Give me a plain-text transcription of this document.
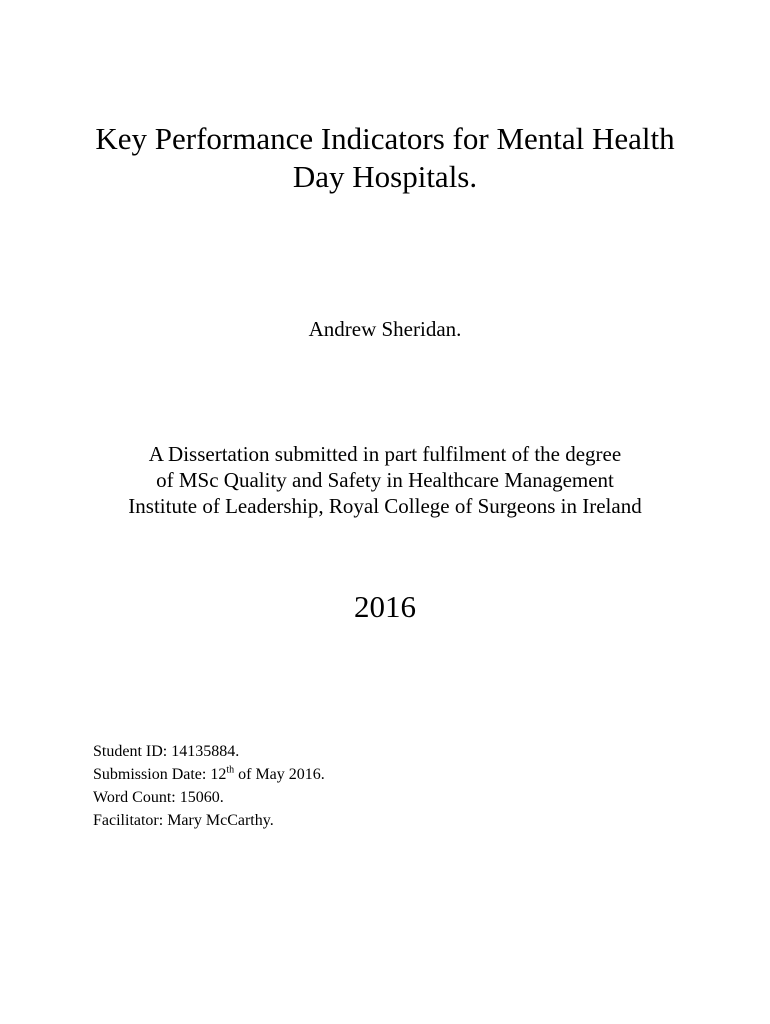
Key Performance Indicators for Mental Health
Day Hospitals.

Andrew Sheridan.

A Dissertation submitted in part fulfilment of the degree
of MSc Quality and Safety in Healthcare Management
Institute of Leadership, Royal College of Surgeons in Ireland

2016

Student ID: 14135884.
Submission Date: 12th of May 2016.
Word Count: 15060.
Facilitator: Mary McCarthy.
